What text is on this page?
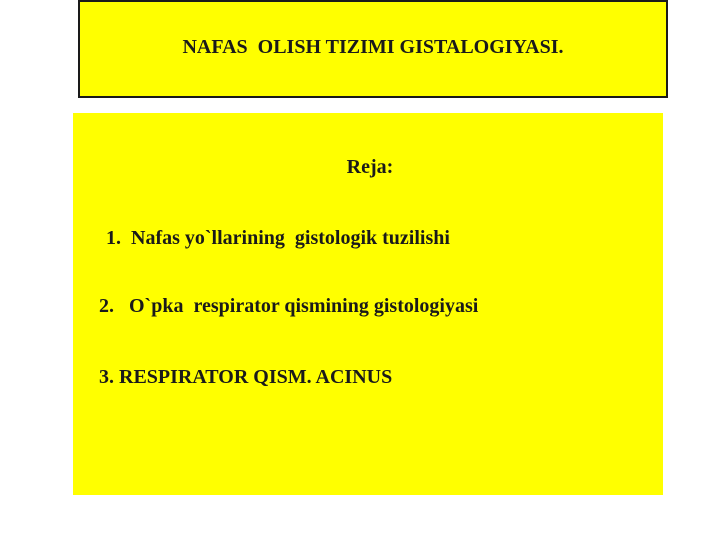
NAFAS  OLISH TIZIMI GISTALOGIYASI.
Reja:
1.  Nafas yo`llarining  gistologik tuzilishi
2.   O`pka  respirator qismining gistologiyasi
3. RESPIRATOR QISM. ACINUS
